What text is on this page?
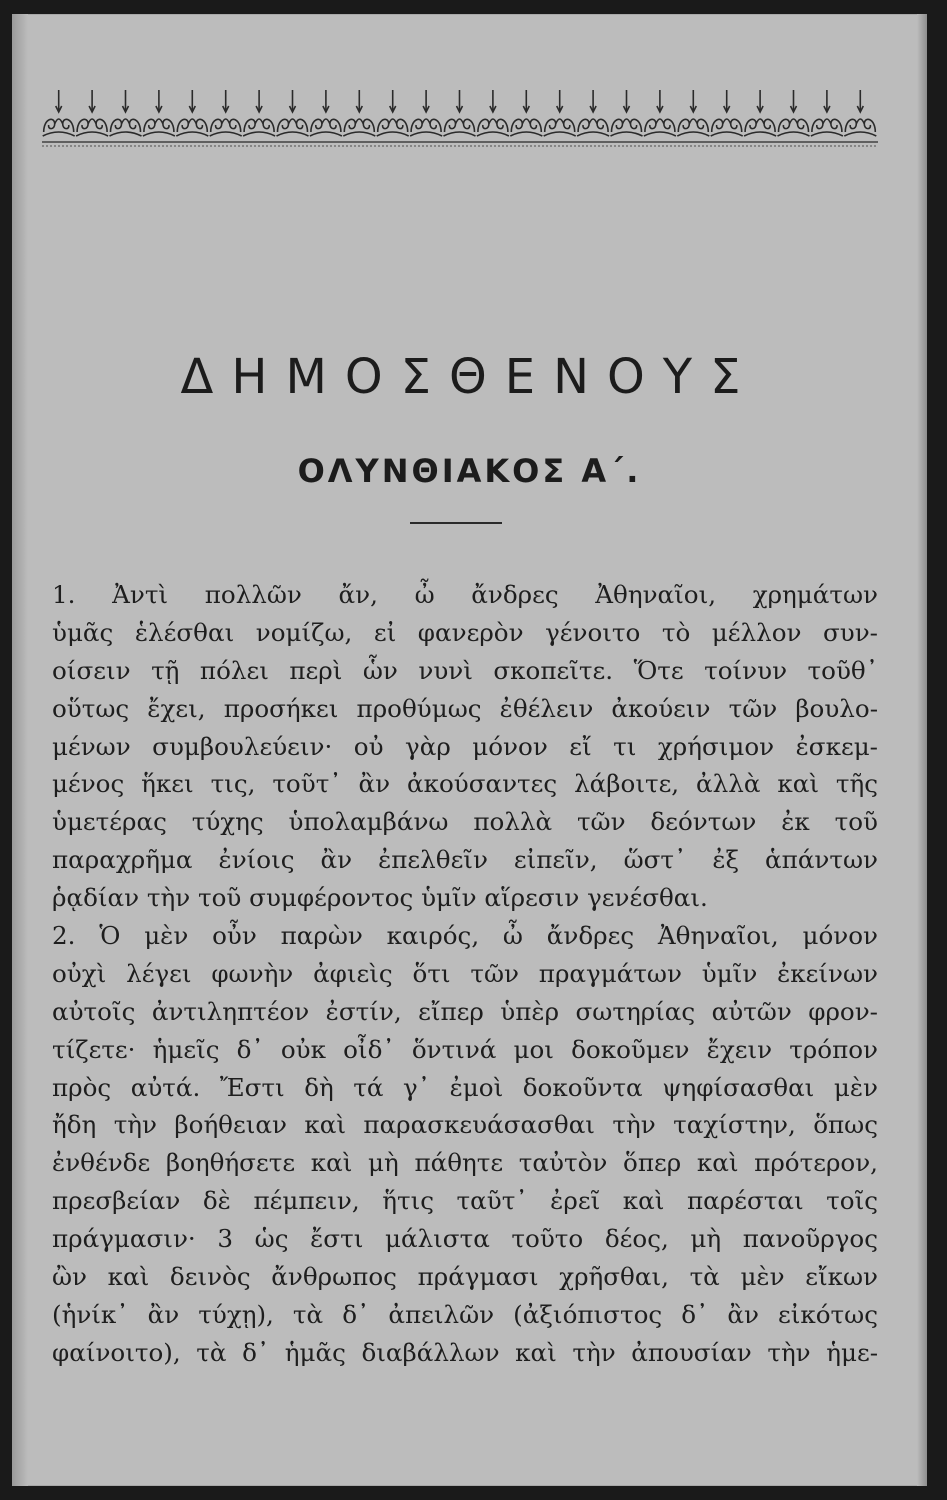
ΔΗΜΟΣΘΕΝΟΥΣ
ΟΛΥΝΘΙΑΚΟΣ Α΄.
1. Ἀντὶ πολλῶν ἄν, ὦ ἄνδρες Ἀθηναῖοι, χρημάτων
ὑμᾶς ἑλέσθαι νομίζω, εἰ φανερὸν γένοιτο τὸ μέλλον συν-
οίσειν τῇ πόλει περὶ ὧν νυνὶ σκοπεῖτε. Ὅτε τοίνυν τοῦθ᾽
οὕτως ἔχει, προσήκει προθύμως ἐθέλειν ἀκούειν τῶν βουλο-
μένων συμβουλεύειν· οὐ γὰρ μόνον εἴ τι χρήσιμον ἐσκεμ-
μένος ἥκει τις, τοῦτ᾽ ἂν ἀκούσαντες λάβοιτε, ἀλλὰ καὶ τῆς
ὑμετέρας τύχης ὑπολαμβάνω πολλὰ τῶν δεόντων ἐκ τοῦ
παραχρῆμα ἐνίοις ἂν ἐπελθεῖν εἰπεῖν, ὥστ᾽ ἐξ ἁπάντων
ῥᾳδίαν τὴν τοῦ συμφέροντος ὑμῖν αἵρεσιν γενέσθαι.
2. Ὁ μὲν οὖν παρὼν καιρός, ὦ ἄνδρες Ἀθηναῖοι, μόνον
οὐχὶ λέγει φωνὴν ἀφιεὶς ὅτι τῶν πραγμάτων ὑμῖν ἐκείνων
αὐτοῖς ἀντιληπτέον ἐστίν, εἴπερ ὑπὲρ σωτηρίας αὐτῶν φρον-
τίζετε· ἡμεῖς δ᾽ οὐκ οἶδ᾽ ὅντινά μοι δοκοῦμεν ἔχειν τρόπον
πρὸς αὐτά. Ἔστι δὴ τά γ᾽ ἐμοὶ δοκοῦντα ψηφίσασθαι μὲν
ἤδη τὴν βοήθειαν καὶ παρασκευάσασθαι τὴν ταχίστην, ὅπως
ἐνθένδε βοηθήσετε καὶ μὴ πάθητε ταὐτὸν ὅπερ καὶ πρότερον,
πρεσβείαν δὲ πέμπειν, ἥτις ταῦτ᾽ ἐρεῖ καὶ παρέσται τοῖς
πράγμασιν· 3 ὡς ἔστι μάλιστα τοῦτο δέος, μὴ πανοῦργος
ὢν καὶ δεινὸς ἄνθρωπος πράγμασι χρῆσθαι, τὰ μὲν εἴκων
(ἡνίκ᾽ ἂν τύχῃ), τὰ δ᾽ ἀπειλῶν (ἀξιόπιστος δ᾽ ἂν εἰκότως
φαίνοιτο), τὰ δ᾽ ἡμᾶς διαβάλλων καὶ τὴν ἀπουσίαν τὴν ἡμε-
